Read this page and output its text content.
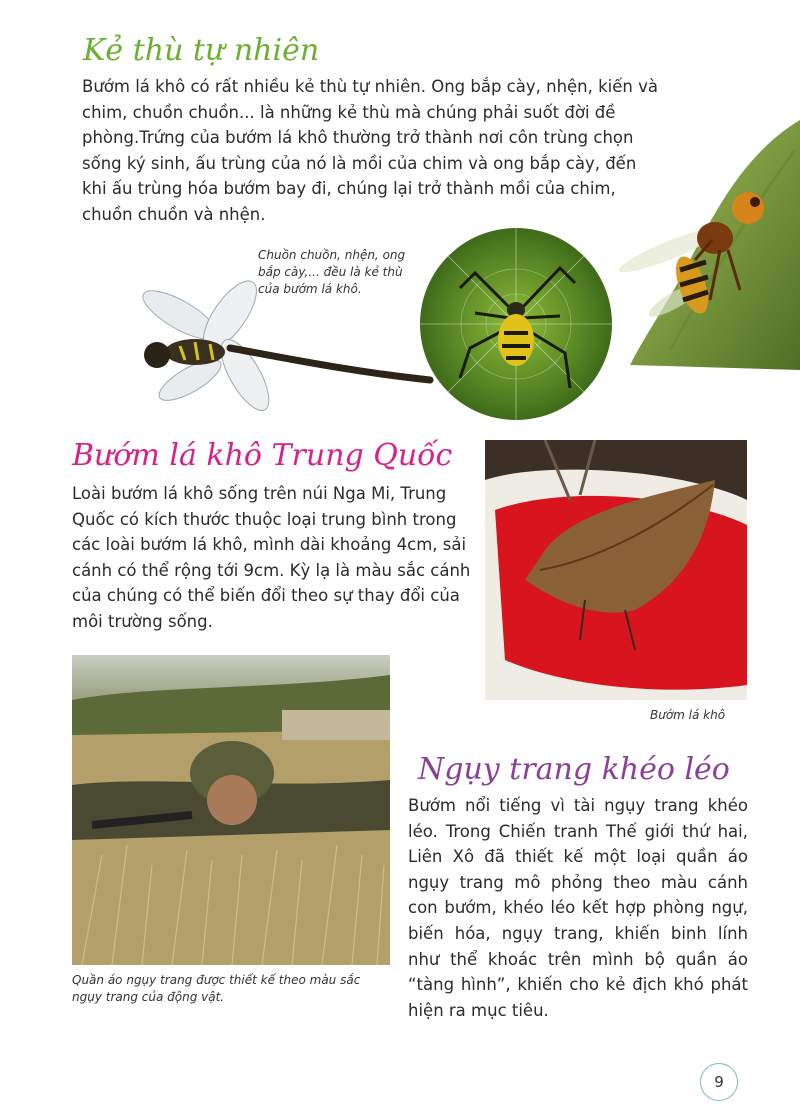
Kẻ thù tự nhiên

Bướm lá khô có rất nhiều kẻ thù tự nhiên. Ong bắp cày, nhện, kiến và chim, chuồn chuồn... là những kẻ thù mà chúng phải suốt đời đề phòng.Trứng của bướm lá khô thường trở thành nơi côn trùng chọn sống ký sinh, ấu trùng của nó là mồi của chim và ong bắp cày, đến khi ấu trùng hóa bướm bay đi, chúng lại trở thành mồi của chim, chuồn chuồn và nhện.

Chuồn chuồn, nhện, ong bắp cày,... đều là kẻ thù của bướm lá khô.

Bướm lá khô Trung Quốc

Loài bướm lá khô sống trên núi Nga Mi, Trung Quốc có kích thước thuộc loại trung bình trong các loài bướm lá khô, mình dài khoảng 4cm, sải cánh có thể rộng tới 9cm. Kỳ lạ là màu sắc cánh của chúng có thể biến đổi theo sự thay đổi của môi trường sống.

Bướm lá khô

Quần áo ngụy trang được thiết kế theo màu sắc ngụy trang của động vật.

Ngụy trang khéo léo

Bướm nổi tiếng vì tài ngụy trang khéo léo. Trong Chiến tranh Thế giới thứ hai, Liên Xô đã thiết kế một loại quần áo ngụy trang mô phỏng theo màu cánh con bướm, khéo léo kết hợp phòng ngự, biến hóa, ngụy trang, khiến binh lính như thể khoác trên mình bộ quần áo “tàng hình”, khiến cho kẻ địch khó phát hiện ra mục tiêu.

9
